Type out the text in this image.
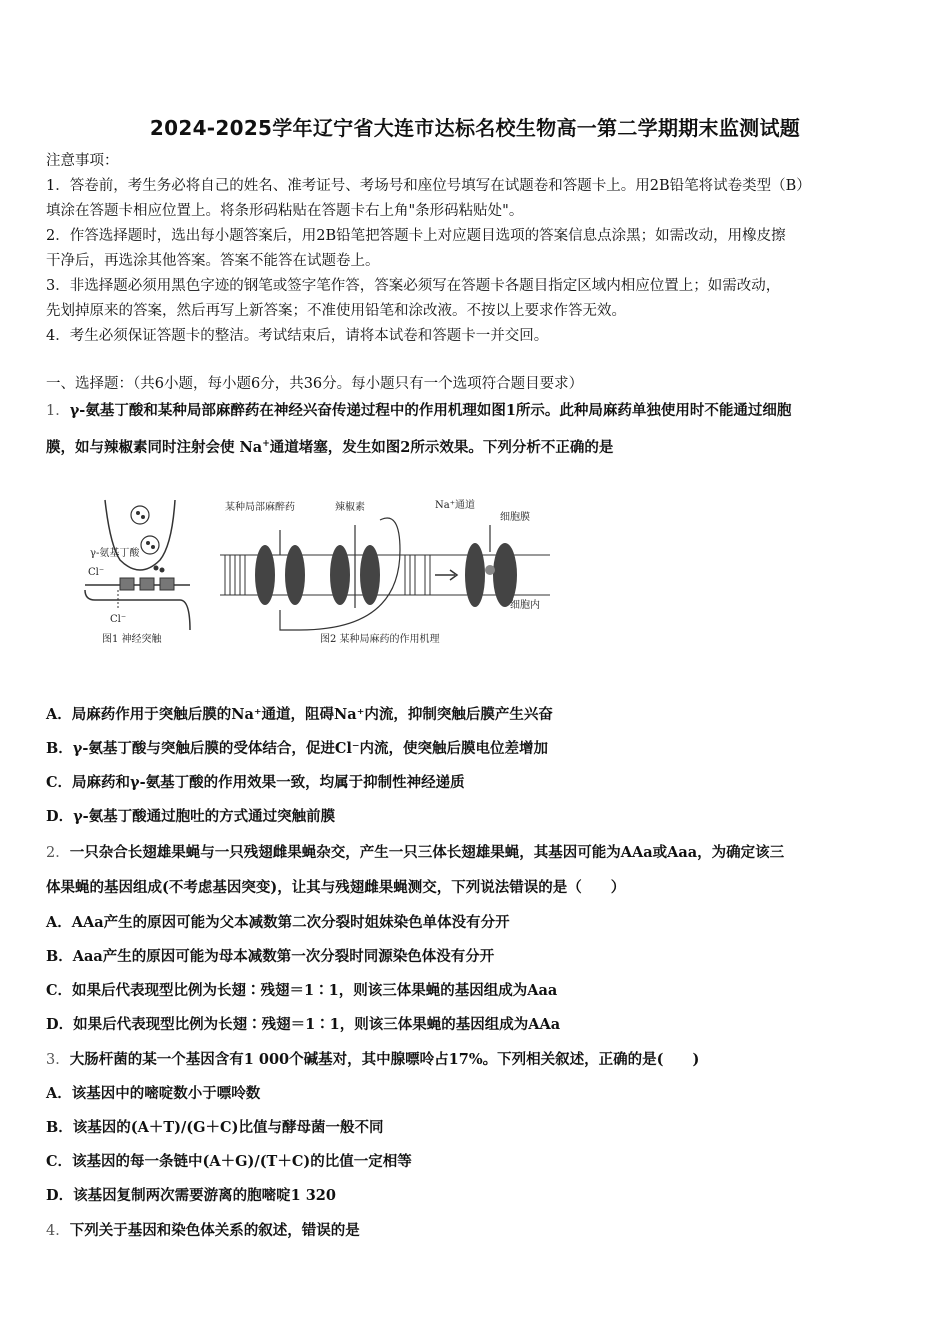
2024-2025学年辽宁省大连市达标名校生物高一第二学期期末监测试题
注意事项：
1．答卷前，考生务必将自己的姓名、准考证号、考场号和座位号填写在试题卷和答题卡上。用2B铅笔将试卷类型（B）
填涂在答题卡相应位置上。将条形码粘贴在答题卡右上角"条形码粘贴处"。
2．作答选择题时，选出每小题答案后，用2B铅笔把答题卡上对应题目选项的答案信息点涂黑；如需改动，用橡皮擦
干净后，再选涂其他答案。答案不能答在试题卷上。
3．非选择题必须用黑色字迹的钢笔或签字笔作答，答案必须写在答题卡各题目指定区域内相应位置上；如需改动，
先划掉原来的答案，然后再写上新答案；不准使用铅笔和涂改液。不按以上要求作答无效。
4．考生必须保证答题卡的整洁。考试结束后，请将本试卷和答题卡一并交回。
一、选择题：（共6小题，每小题6分，共36分。每小题只有一个选项符合题目要求）
1．γ-氨基丁酸和某种局部麻醉药在神经兴奋传递过程中的作用机理如图1所示。此种局麻药单独使用时不能通过细胞
膜，如与辣椒素同时注射会使 Na+通道堵塞，发生如图2所示效果。下列分析不正确的是
γ-氨基丁酸
Cl⁻
Cl⁻
图1 神经突触
某种局部麻醉药	辣椒素	Na⁺通道
细胞膜
细胞内
图2 某种局麻药的作用机理
A．局麻药作用于突触后膜的Na⁺通道，阻碍Na⁺内流，抑制突触后膜产生兴奋
B．γ-氨基丁酸与突触后膜的受体结合，促进Cl⁻内流，使突触后膜电位差增加
C．局麻药和γ-氨基丁酸的作用效果一致，均属于抑制性神经递质
D．γ-氨基丁酸通过胞吐的方式通过突触前膜
2．一只杂合长翅雄果蝇与一只残翅雌果蝇杂交，产生一只三体长翅雄果蝇，其基因可能为AAa或Aaa，为确定该三
体果蝇的基因组成(不考虑基因突变)，让其与残翅雌果蝇测交，下列说法错误的是（　　）
A．AAa产生的原因可能为父本减数第二次分裂时姐妹染色单体没有分开
B．Aaa产生的原因可能为母本减数第一次分裂时同源染色体没有分开
C．如果后代表现型比例为长翅∶残翅＝1∶1，则该三体果蝇的基因组成为Aaa
D．如果后代表现型比例为长翅∶残翅＝1∶1，则该三体果蝇的基因组成为AAa
3．大肠杆菌的某一个基因含有1 000个碱基对，其中腺嘌呤占17%。下列相关叙述，正确的是(　　)
A．该基因中的嘧啶数小于嘌呤数
B．该基因的(A＋T)/(G＋C)比值与酵母菌一般不同
C．该基因的每一条链中(A＋G)/(T＋C)的比值一定相等
D．该基因复制两次需要游离的胞嘧啶1 320
4．下列关于基因和染色体关系的叙述，错误的是
